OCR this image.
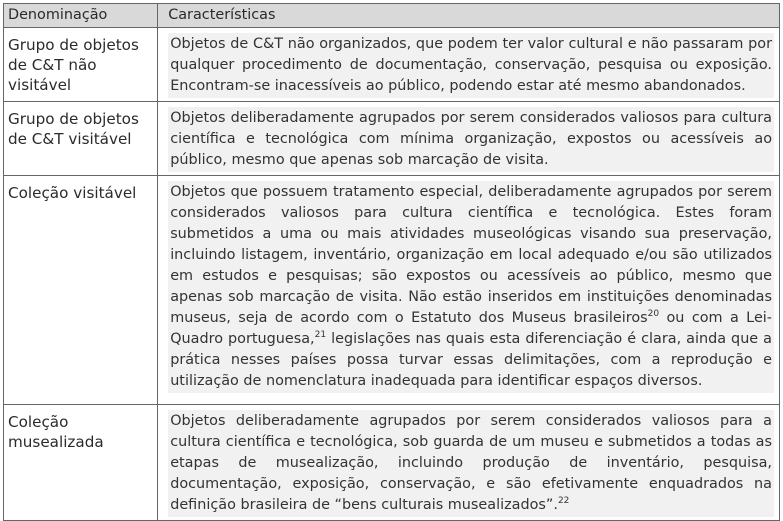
Denominação	Características
Grupo de objetos de C&T não visitável	Objetos de C&T não organizados, que podem ter valor cultural e não passaram por qualquer procedimento de documentação, conservação, pesquisa ou exposição. Encontram-se inacessíveis ao público, podendo estar até mesmo abandonados.

Grupo de objetos de C&T visitável	Objetos deliberadamente agrupados por serem considerados valiosos para cultura científica e tecnológica com mínima organização, expostos ou acessíveis ao público, mesmo que apenas sob marcação de visita.

Coleção visitável	Objetos que possuem tratamento especial, deliberadamente agrupados por serem considerados valiosos para cultura científica e tecnológica. Estes foram submetidos a uma ou mais atividades museológicas visando sua preservação, incluindo listagem, inventário, organização em local adequado e/ou são utilizados em estudos e pesquisas; são expostos ou acessíveis ao público, mesmo que apenas sob marcação de visita. Não estão inseridos em instituições denominadas museus, seja de acordo com o Estatuto dos Museus brasileiros$^{20}$ ou com a Lei-Quadro portuguesa,$^{21}$ legislações nas quais esta diferenciação é clara, ainda que a prática nesses países possa turvar essas delimitações, com a reprodução e utilização de nomenclatura inadequada para identificar espaços diversos.

Coleção musealizada	Objetos deliberadamente agrupados por serem considerados valiosos para a cultura científica e tecnológica, sob guarda de um museu e submetidos a todas as etapas de musealização, incluindo produção de inventário, pesquisa, documentação, exposição, conservação, e são efetivamente enquadrados na definição brasileira de “bens culturais musealizados”.$^{22}$
